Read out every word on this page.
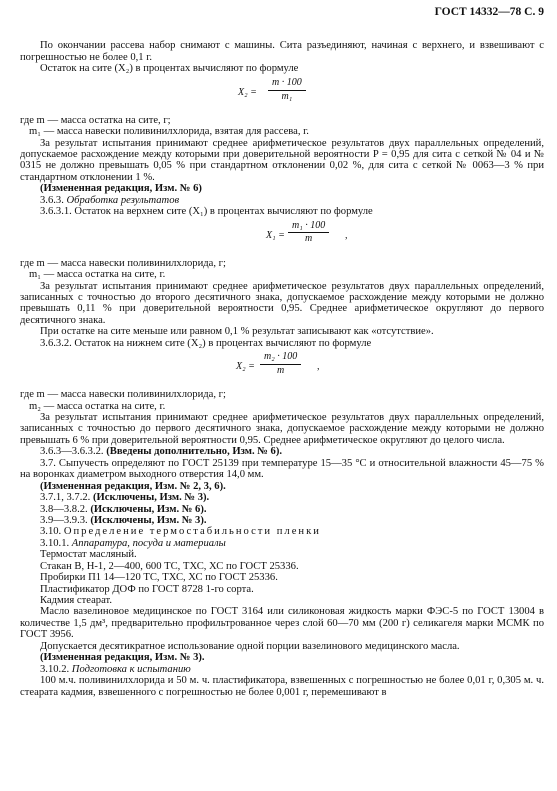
ГОСТ 14332—78 С. 9

По окончании рассева набор снимают с машины. Сита разъединяют, начиная с верхнего, и взвешивают с погрешностью не более 0,1 г.

Остаток на сите (X₂) в процентах вычисляют по формуле

$X_2 = \frac{m \cdot 100}{\text{m₁}}$

где m — масса остатка на сите, г;

m₁ — масса навески поливинилхлорида, взятая для рассева, г.

За результат испытания принимают среднее арифметическое результатов двух параллельных определений, допускаемое расхождение между которыми при доверительной вероятности P = 0,95 для сита с сеткой № 04 и № 0315 не должно превышать 0,05 % при стандартном отклонении 0,02 %, для сита с сеткой № 0063—3 % при стандартном отклонении 1 %.

(Измененная редакция, Изм. № 6)

3.6.3. Обработка результатов

3.6.3.1. Остаток на верхнем сите (X₁) в процентах вычисляют по формуле

$X_1 = \frac{\text{m₁ · 100}}{m}$ ,

где m — масса навески поливинилхлорида, г;

m₁ — масса остатка на сите, г.

За результат испытания принимают среднее арифметическое результатов двух параллельных определений, записанных с точностью до второго десятичного знака, допускаемое расхождение между которыми не должно превышать 0,11 % при доверительной вероятности 0,95. Среднее арифметическое округляют до первого десятичного знака.

При остатке на сите меньше или равном 0,1 % результат записывают как «отсутствие».

3.6.3.2. Остаток на нижнем сите (X₂) в процентах вычисляют по формуле

$X_2 = \frac{\text{m₂ · 100}}{m}$ ,

где m — масса навески поливинилхлорида, г;

m₂ — масса остатка на сите, г.

За результат испытания принимают среднее арифметическое результатов двух параллельных определений, записанных с точностью до первого десятичного знака, допускаемое расхождение между которыми не должно превышать 6 % при доверительной вероятности 0,95. Среднее арифметическое округляют до целого числа.

3.6.3—3.6.3.2. (Введены дополнительно, Изм. № 6).

3.7. Сыпучесть определяют по ГОСТ 25139 при температуре 15—35 °С и относительной влажности 45—75 % на воронках диаметром выходного отверстия 14,0 мм.

(Измененная редакция, Изм. № 2, 3, 6).

3.7.1, 3.7.2. (Исключены, Изм. № 3).

3.8—3.8.2. (Исключены, Изм. № 6).

3.9—3.9.3. (Исключены, Изм. № 3).

3.10. Определение термостабильности пленки

3.10.1. Аппаратура, посуда и материалы

Термостат масляный.

Стакан В, Н-1, 2—400, 600 ТС, ТХС, ХС по ГОСТ 25336.

Пробирки П1 14—120 ТС, ТХС, ХС по ГОСТ 25336.

Пластификатор ДОФ по ГОСТ 8728 1-го сорта.

Кадмия стеарат.

Масло вазелиновое медицинское по ГОСТ 3164 или силиконовая жидкость марки ФЭС-5 по ГОСТ 13004 в количестве 1,5 дм³, предварительно профильтрованное через слой 60—70 мм (200 г) селикагеля марки МСМК по ГОСТ 3956.

Допускается десятикратное использование одной порции вазелинового медицинского масла.

(Измененная редакция, Изм. № 3).

3.10.2. Подготовка к испытанию

100 м.ч. поливинилхлорида и 50 м. ч. пластификатора, взвешенных с погрешностью не более 0,01 г, 0,305 м. ч. стеарата кадмия, взвешенного с погрешностью не более 0,001 г, перемешивают в
